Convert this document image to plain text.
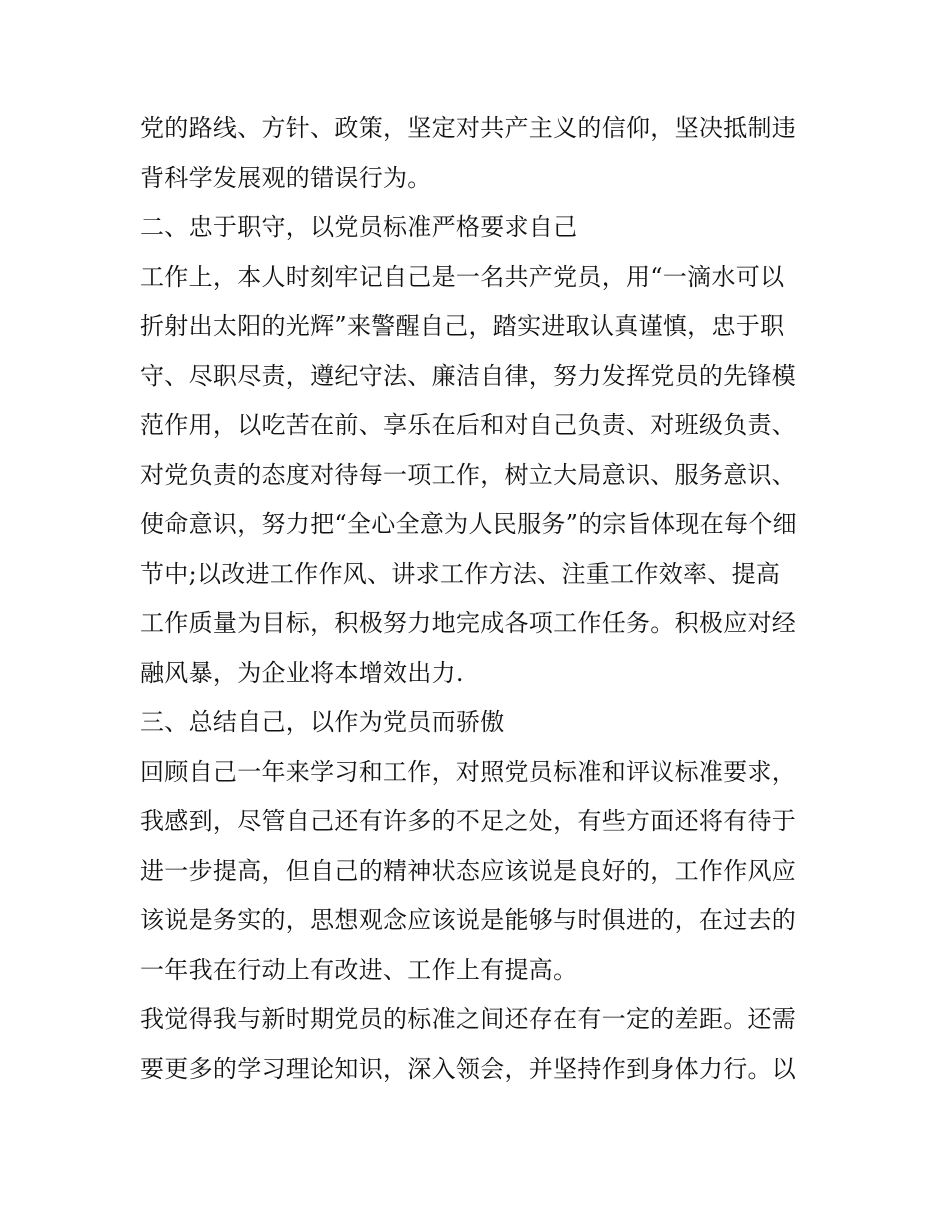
党的路线、方针、政策，坚定对共产主义的信仰，坚决抵制违
背科学发展观的错误行为。
二、忠于职守，以党员标准严格要求自己
工作上，本人时刻牢记自己是一名共产党员，用“一滴水可以
折射出太阳的光辉”来警醒自己，踏实进取认真谨慎，忠于职
守、尽职尽责，遵纪守法、廉洁自律，努力发挥党员的先锋模
范作用，以吃苦在前、享乐在后和对自己负责、对班级负责、
对党负责的态度对待每一项工作，树立大局意识、服务意识、
使命意识，努力把“全心全意为人民服务”的宗旨体现在每个细
节中;以改进工作作风、讲求工作方法、注重工作效率、提高
工作质量为目标，积极努力地完成各项工作任务。积极应对经
融风暴，为企业将本增效出力.
三、总结自己，以作为党员而骄傲
回顾自己一年来学习和工作，对照党员标准和评议标准要求，
我感到，尽管自己还有许多的不足之处，有些方面还将有待于
进一步提高，但自己的精神状态应该说是良好的，工作作风应
该说是务实的，思想观念应该说是能够与时俱进的，在过去的
一年我在行动上有改进、工作上有提高。
我觉得我与新时期党员的标准之间还存在有一定的差距。还需
要更多的学习理论知识，深入领会，并坚持作到身体力行。以
